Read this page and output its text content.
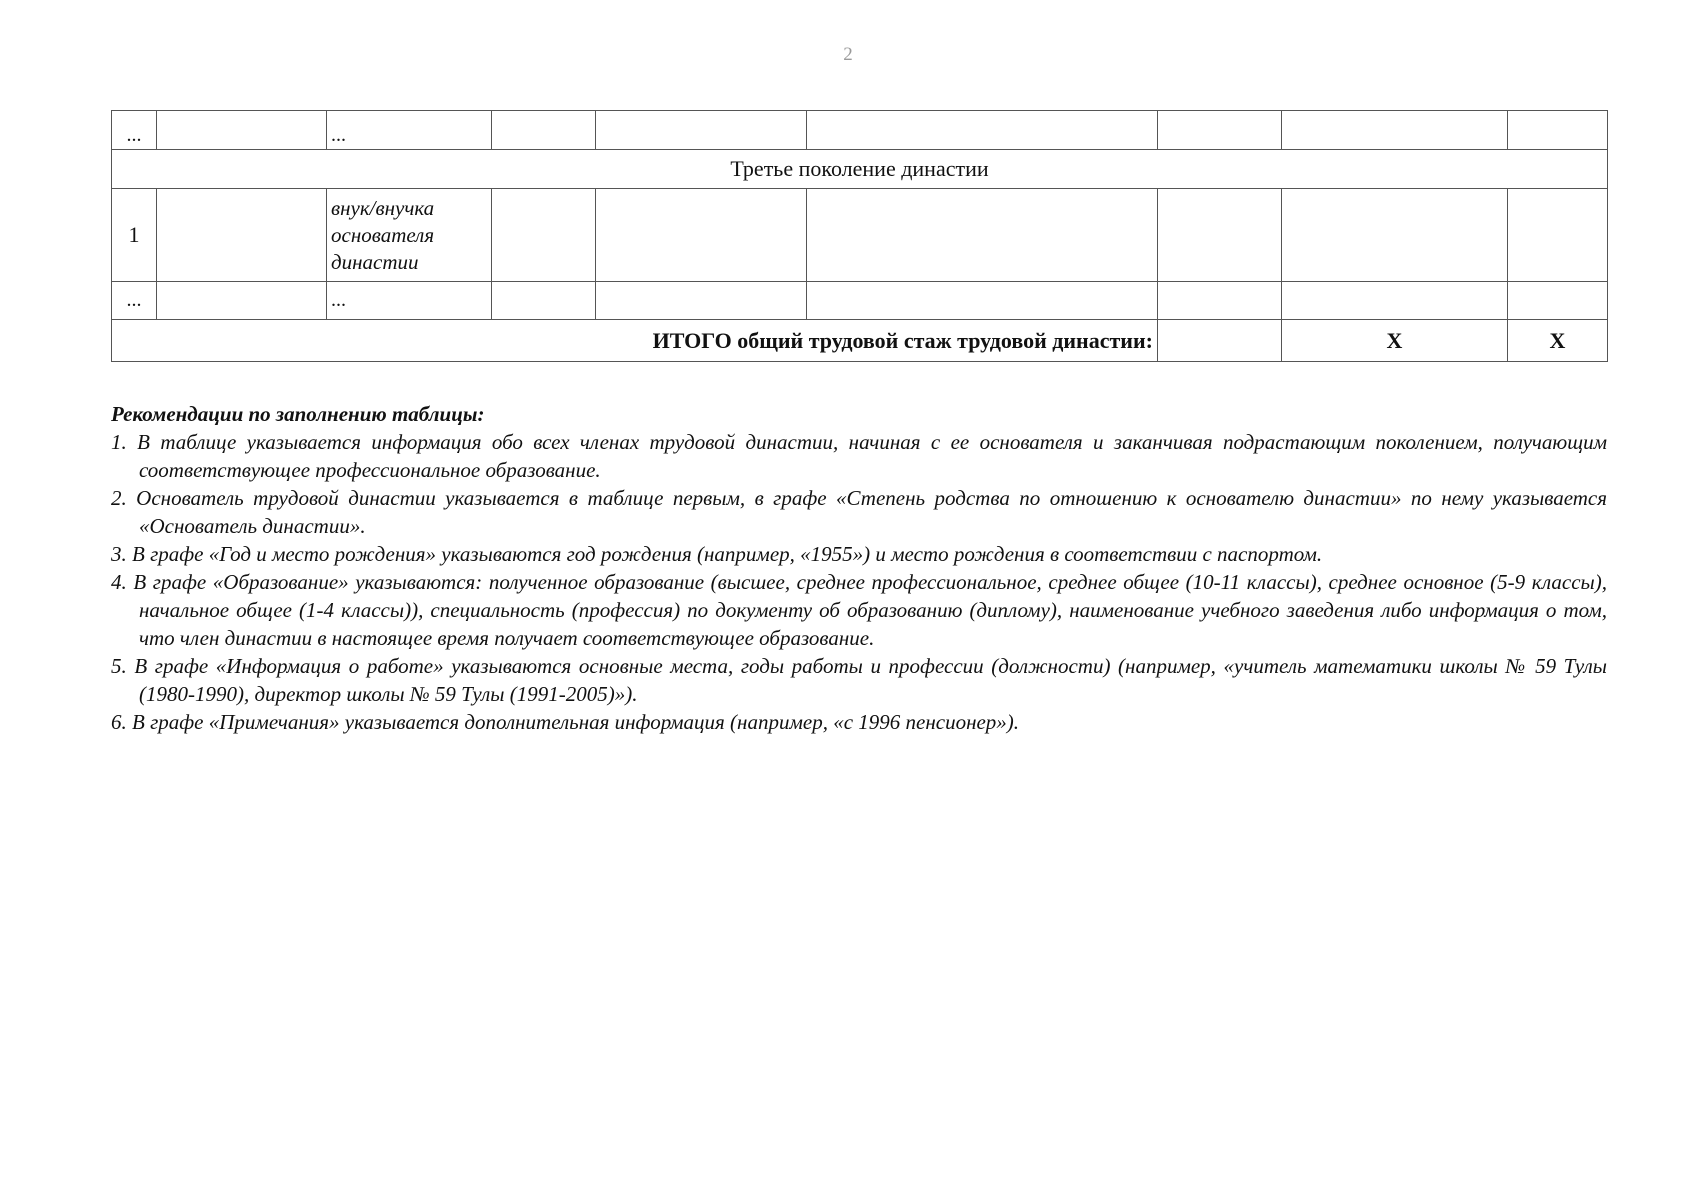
2
...		...						
Третье поколение династии								
1		внук/внучка основателя династии						
...		...						
ИТОГО общий трудовой стаж трудовой династии:							Х	Х
Рекомендации по заполнению таблицы:
1. В таблице указывается информация обо всех членах трудовой династии, начиная с ее основателя и заканчивая подрастающим поколением, получающим соответствующее профессиональное образование.
2. Основатель трудовой династии указывается в таблице первым, в графе «Степень родства по отношению к основателю династии» по нему указывается «Основатель династии».
3. В графе «Год и место рождения» указываются год рождения (например, «1955») и место рождения в соответствии с паспортом.
4. В графе «Образование» указываются: полученное образование (высшее, среднее профессиональное, среднее общее (10-11 классы), среднее основное (5-9 классы), начальное общее (1-4 классы)), специальность (профессия) по документу об образованию (диплому), наименование учебного заведения либо информация о том, что член династии в настоящее время получает соответствующее образование.
5. В графе «Информация о работе» указываются основные места, годы работы и профессии (должности) (например, «учитель математики школы № 59 Тулы (1980-1990), директор школы № 59 Тулы (1991-2005)»).
6. В графе «Примечания» указывается дополнительная информация (например, «с 1996 пенсионер»).
